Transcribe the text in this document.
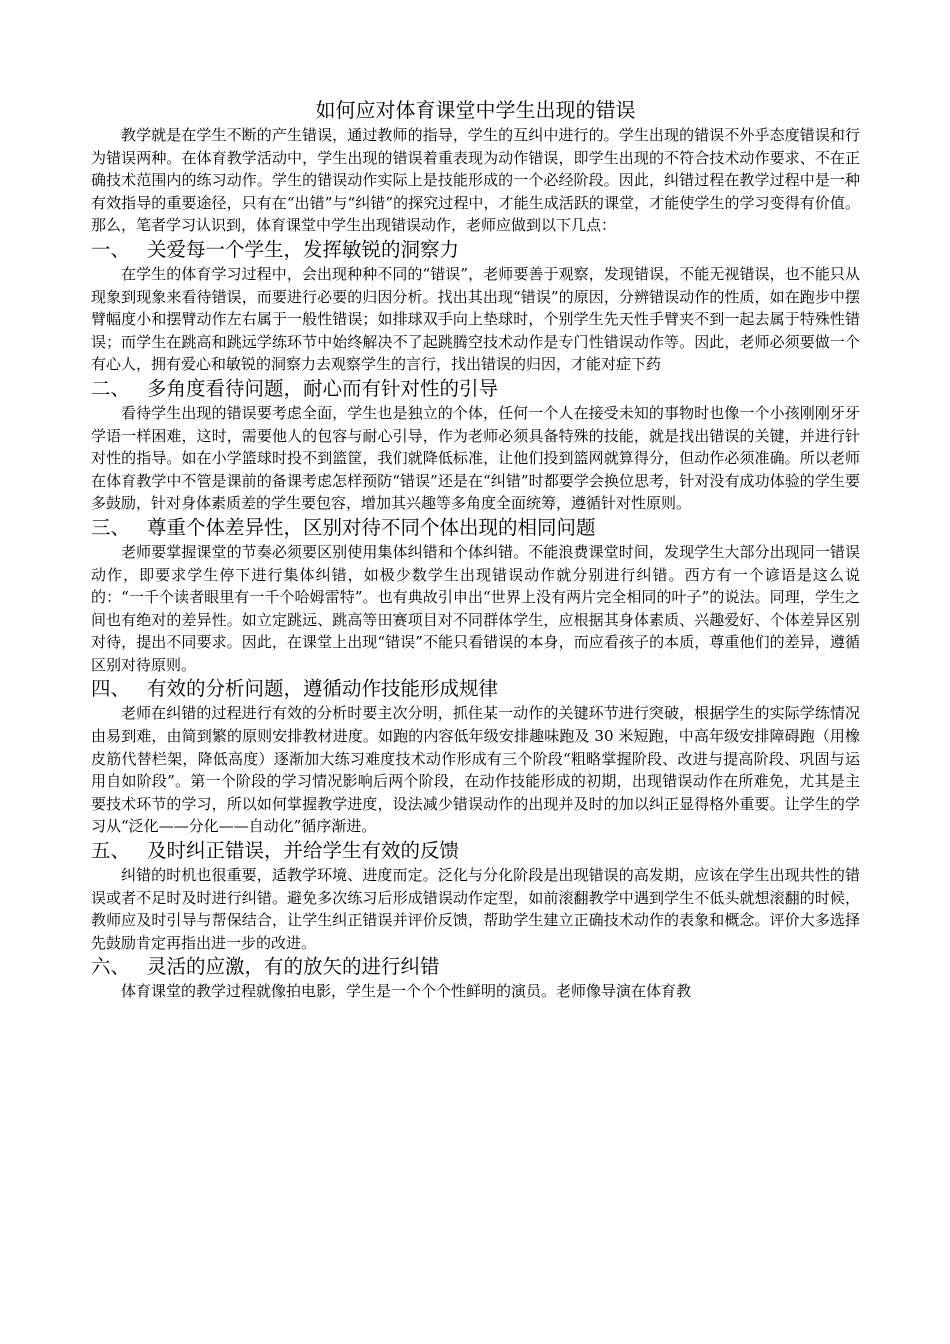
如何应对体育课堂中学生出现的错误

教学就是在学生不断的产生错误，通过教师的指导，学生的互纠中进行的。学生出现的错误不外乎态度错误和行为错误两种。在体育教学活动中，学生出现的错误着重表现为动作错误，即学生出现的不符合技术动作要求、不在正确技术范围内的练习动作。学生的错误动作实际上是技能形成的一个必经阶段。因此，纠错过程在教学过程中是一种有效指导的重要途径，只有在“出错”与“纠错”的探究过程中，才能生成活跃的课堂，才能使学生的学习变得有价值。那么，笔者学习认识到，体育课堂中学生出现错误动作，老师应做到以下几点：

一、 关爱每一个学生，发挥敏锐的洞察力

在学生的体育学习过程中，会出现种种不同的“错误”，老师要善于观察，发现错误，不能无视错误，也不能只从现象到现象来看待错误，而要进行必要的归因分析。找出其出现“错误”的原因，分辨错误动作的性质，如在跑步中摆臂幅度小和摆臂动作左右属于一般性错误；如排球双手向上垫球时，个别学生先天性手臂夹不到一起去属于特殊性错误；而学生在跳高和跳远学练环节中始终解决不了起跳腾空技术动作是专门性错误动作等。因此，老师必须要做一个有心人，拥有爱心和敏锐的洞察力去观察学生的言行，找出错误的归因，才能对症下药

二、 多角度看待问题，耐心而有针对性的引导

看待学生出现的错误要考虑全面，学生也是独立的个体，任何一个人在接受未知的事物时也像一个小孩刚刚牙牙学语一样困难，这时，需要他人的包容与耐心引导，作为老师必须具备特殊的技能，就是找出错误的关键，并进行针对性的指导。如在小学篮球时投不到篮筐，我们就降低标准，让他们投到篮网就算得分，但动作必须准确。所以老师在体育教学中不管是课前的备课考虑怎样预防“错误”还是在“纠错”时都要学会换位思考，针对没有成功体验的学生要多鼓励，针对身体素质差的学生要包容，增加其兴趣等多角度全面统筹，遵循针对性原则。

三、 尊重个体差异性，区别对待不同个体出现的相同问题

老师要掌握课堂的节奏必须要区别使用集体纠错和个体纠错。不能浪费课堂时间，发现学生大部分出现同一错误动作，即要求学生停下进行集体纠错，如极少数学生出现错误动作就分别进行纠错。西方有一个谚语是这么说的：“一千个读者眼里有一千个哈姆雷特”。也有典故引申出“世界上没有两片完全相同的叶子”的说法。同理，学生之间也有绝对的差异性。如立定跳远、跳高等田赛项目对不同群体学生，应根据其身体素质、兴趣爱好、个体差异区别对待，提出不同要求。因此，在课堂上出现“错误”不能只看错误的本身，而应看孩子的本质，尊重他们的差异，遵循区别对待原则。

四、 有效的分析问题，遵循动作技能形成规律

老师在纠错的过程进行有效的分析时要主次分明，抓住某一动作的关键环节进行突破，根据学生的实际学练情况由易到难，由简到繁的原则安排教材进度。如跑的内容低年级安排趣味跑及 30 米短跑，中高年级安排障碍跑（用橡皮筋代替栏架，降低高度）逐渐加大练习难度技术动作形成有三个阶段“粗略掌握阶段、改进与提高阶段、巩固与运用自如阶段”。第一个阶段的学习情况影响后两个阶段，在动作技能形成的初期，出现错误动作在所难免，尤其是主要技术环节的学习，所以如何掌握教学进度，设法减少错误动作的出现并及时的加以纠正显得格外重要。让学生的学习从“泛化——分化——自动化”循序渐进。

五、 及时纠正错误，并给学生有效的反馈

纠错的时机也很重要，适教学环境、进度而定。泛化与分化阶段是出现错误的高发期，应该在学生出现共性的错误或者不足时及时进行纠错。避免多次练习后形成错误动作定型，如前滚翻教学中遇到学生不低头就想滚翻的时候，教师应及时引导与帮保结合，让学生纠正错误并评价反馈，帮助学生建立正确技术动作的表象和概念。评价大多选择先鼓励肯定再指出进一步的改进。

六、 灵活的应激，有的放矢的进行纠错

体育课堂的教学过程就像拍电影，学生是一个个个性鲜明的演员。老师像导演在体育教
